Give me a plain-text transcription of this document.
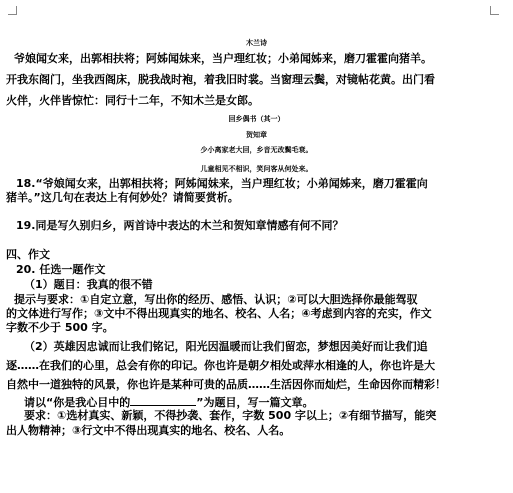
木兰诗
爷娘闻女来，出郭相扶将；阿姊闻妹来，当户理红妆；小弟闻姊来，磨刀霍霍向猪羊。
开我东阁门，坐我西阁床，脱我战时袍，着我旧时裳。当窗理云鬓，对镜帖花黄。出门看
火伴，火伴皆惊忙：同行十二年，不知木兰是女郎。
回乡偶书（其一）
贺知章
少小离家老大回，乡音无改鬓毛衰。
儿童相见不相识，笑问客从何处来。
18.“爷娘闻女来，出郭相扶将；阿姊闻妹来，当户理红妆；小弟闻姊来，磨刀霍霍向
猪羊。”这几句在表达上有何妙处？请简要赏析。
19.同是写久别归乡，两首诗中表达的木兰和贺知章情感有何不同？
四、作文
20. 任选一题作文
（1）题目：我真的很不错
提示与要求：①自定立意，写出你的经历、感悟、认识；②可以大胆选择你最能驾驭
的文体进行写作；③文中不得出现真实的地名、校名、人名；④考虑到内容的充实，作文
字数不少于 500 字。
（2）英雄因忠诚而让我们铭记，阳光因温暖而让我们留恋，梦想因美好而让我们追
逐……在我们的心里，总会有你的印记。你也许是朝夕相处或萍水相逢的人，你也许是大
自然中一道独特的风景，你也许是某种可贵的品质……生活因你而灿烂，生命因你而精彩！
请以“你是我心目中的	”为题目，写一篇文章。
要求：①选材真实、新颖，不得抄袭、套作，字数 500 字以上；②有细节描写，能突
出人物精神；③行文中不得出现真实的地名、校名、人名。
